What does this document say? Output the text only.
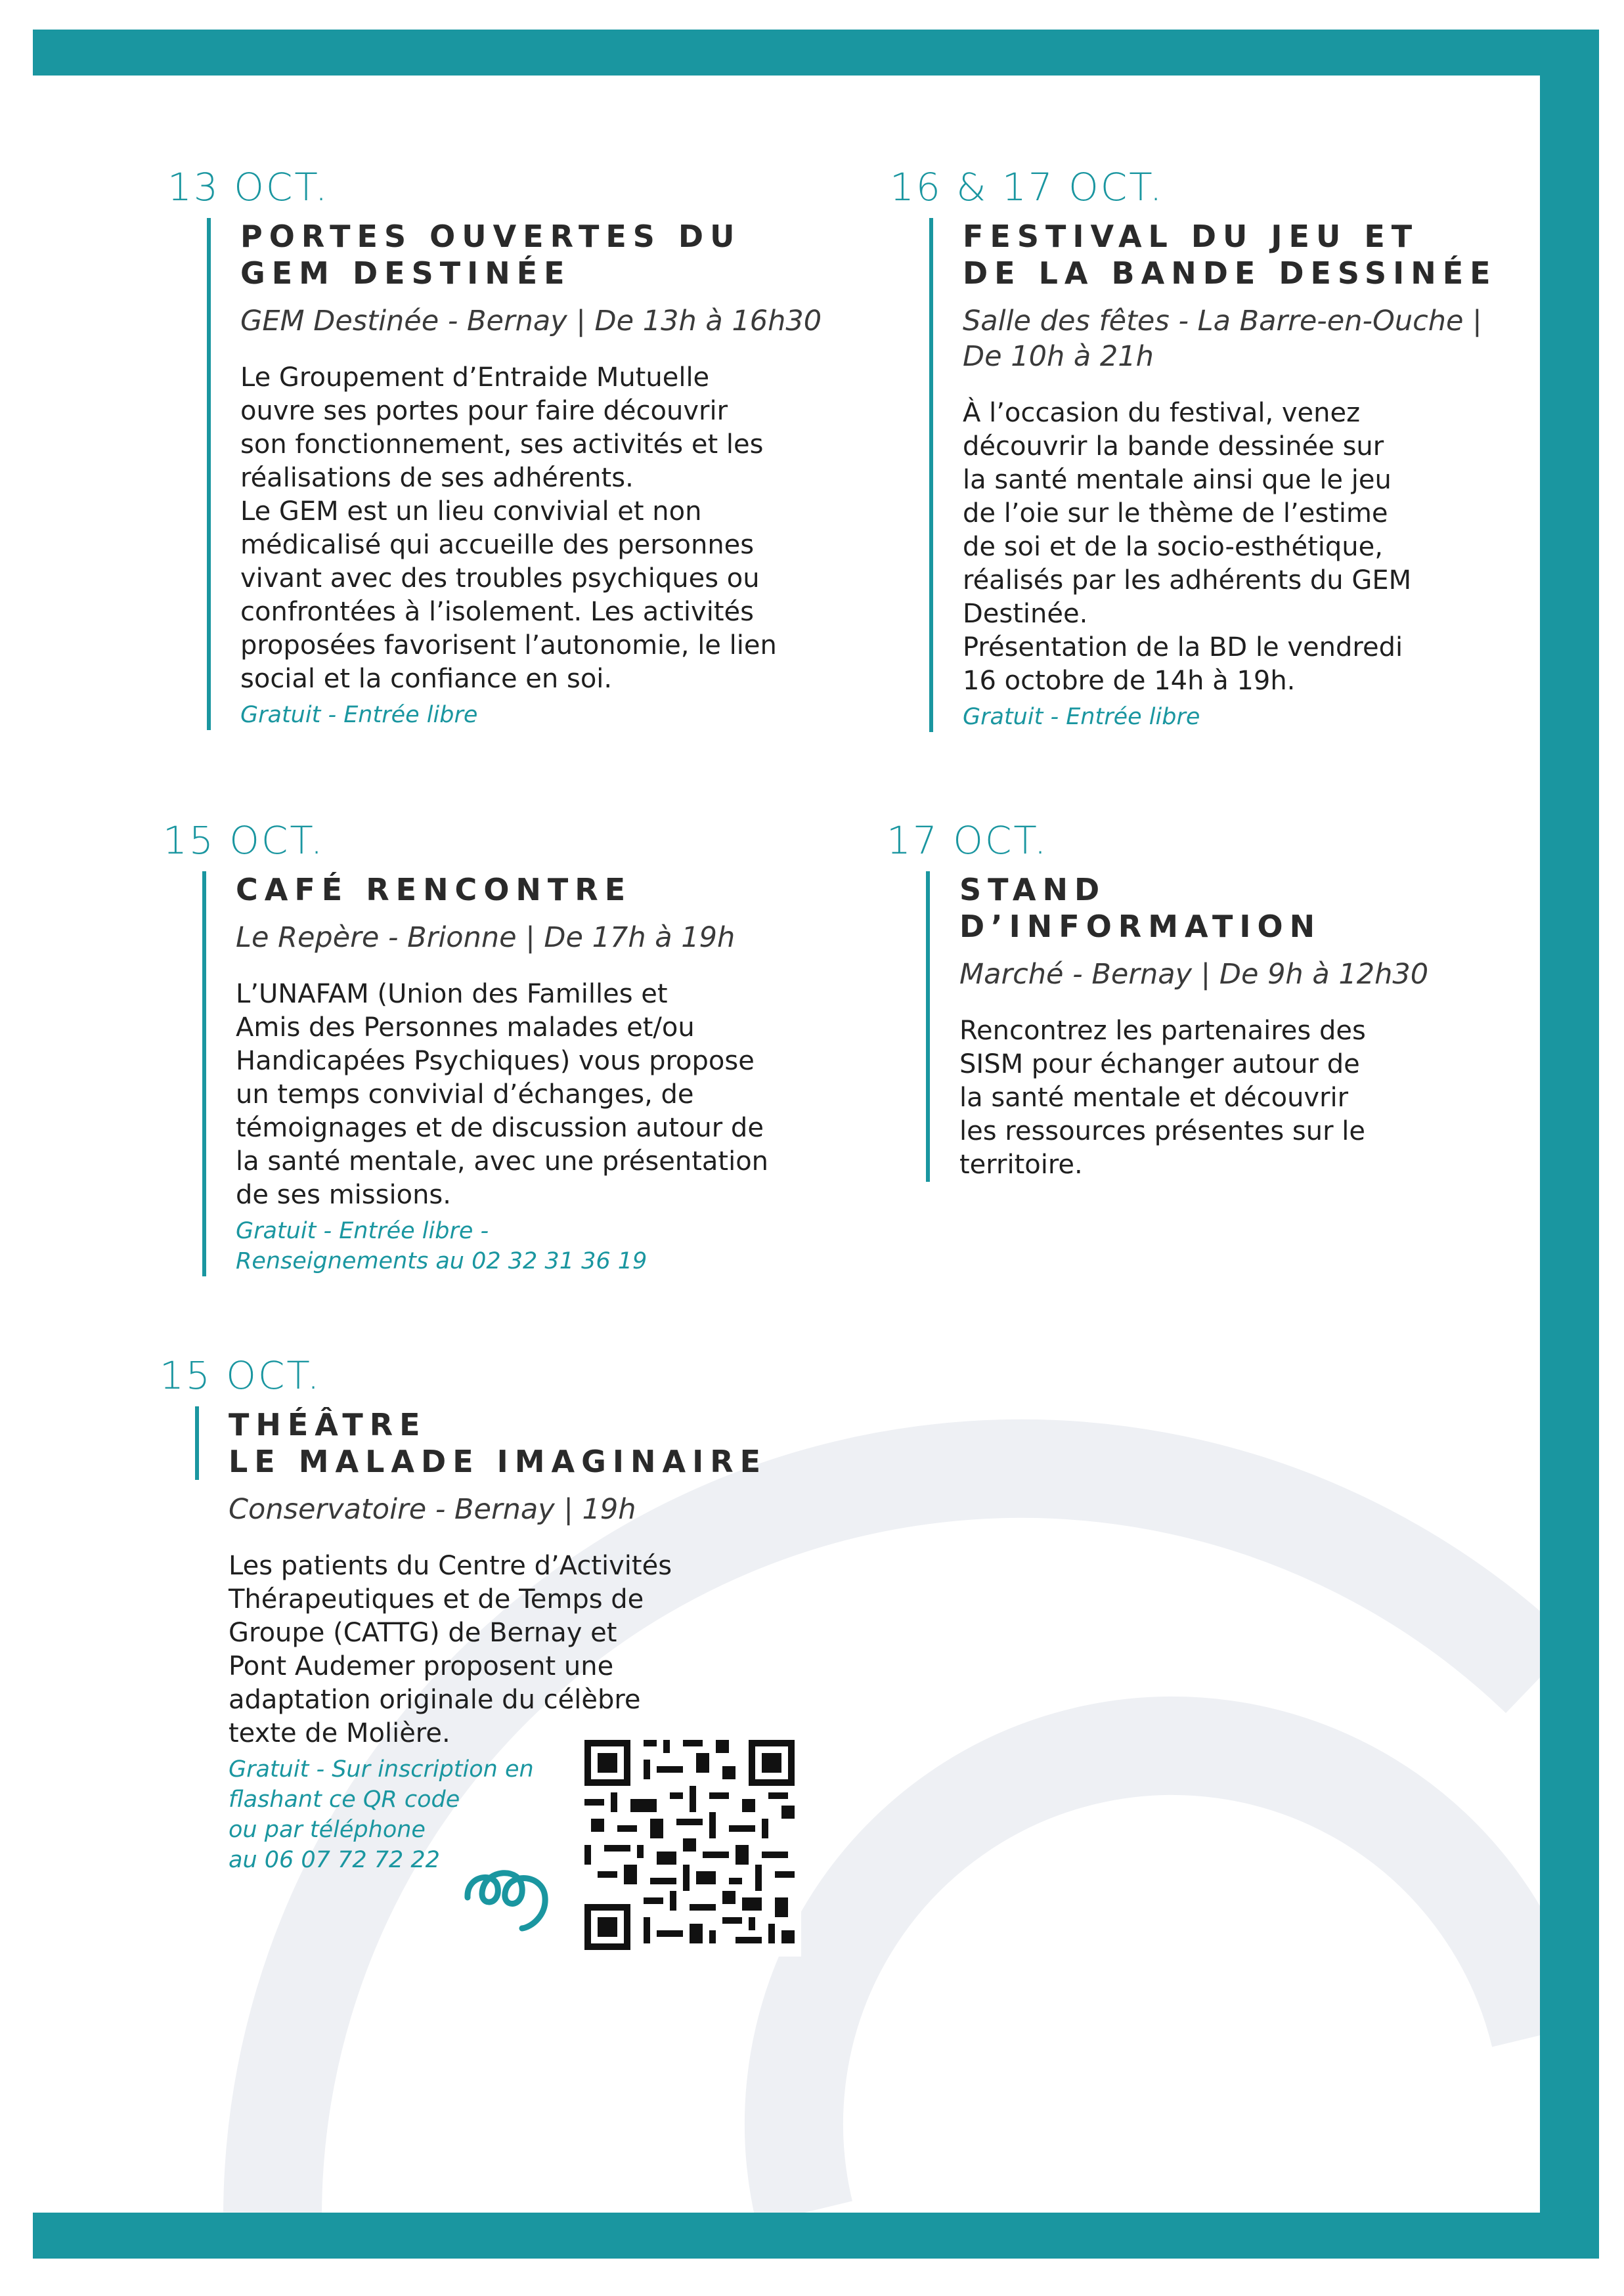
13 OCT.
PORTES OUVERTES DU
GEM DESTINÉE
GEM Destinée - Bernay | De 13h à 16h30
Le Groupement d’Entraide Mutuelle
ouvre ses portes pour faire découvrir
son fonctionnement, ses activités et les
réalisations de ses adhérents.
Le GEM est un lieu convivial et non
médicalisé qui accueille des personnes
vivant avec des troubles psychiques ou
confrontées à l’isolement. Les activités
proposées favorisent l’autonomie, le lien
social et la confiance en soi.
Gratuit - Entrée libre
16 & 17 OCT.
FESTIVAL DU JEU ET
DE LA BANDE DESSINÉE
Salle des fêtes - La Barre-en-Ouche |
De 10h à 21h
À l’occasion du festival, venez
découvrir la bande dessinée sur
la santé mentale ainsi que le jeu
de l’oie sur le thème de l’estime
de soi et de la socio-esthétique,
réalisés par les adhérents du GEM
Destinée.
Présentation de la BD le vendredi
16 octobre de 14h à 19h.
Gratuit - Entrée libre
15 OCT.
CAFÉ RENCONTRE
Le Repère - Brionne | De 17h à 19h
L’UNAFAM (Union des Familles et
Amis des Personnes malades et/ou
Handicapées Psychiques) vous propose
un temps convivial d’échanges, de
témoignages et de discussion autour de
la santé mentale, avec une présentation
de ses missions.
Gratuit - Entrée libre -
Renseignements au 02 32 31 36 19
17 OCT.
STAND
D’INFORMATION
Marché - Bernay | De 9h à 12h30
Rencontrez les partenaires des
SISM pour échanger autour de
la santé mentale et découvrir
les ressources présentes sur le
territoire.
15 OCT.
THÉÂTRE
LE MALADE IMAGINAIRE
Conservatoire - Bernay | 19h
Les patients du Centre d’Activités
Thérapeutiques et de Temps de
Groupe (CATTG) de Bernay et
Pont Audemer proposent une
adaptation originale du célèbre
texte de Molière.
Gratuit - Sur inscription en
flashant ce QR code
ou par téléphone
au 06 07 72 72 22
